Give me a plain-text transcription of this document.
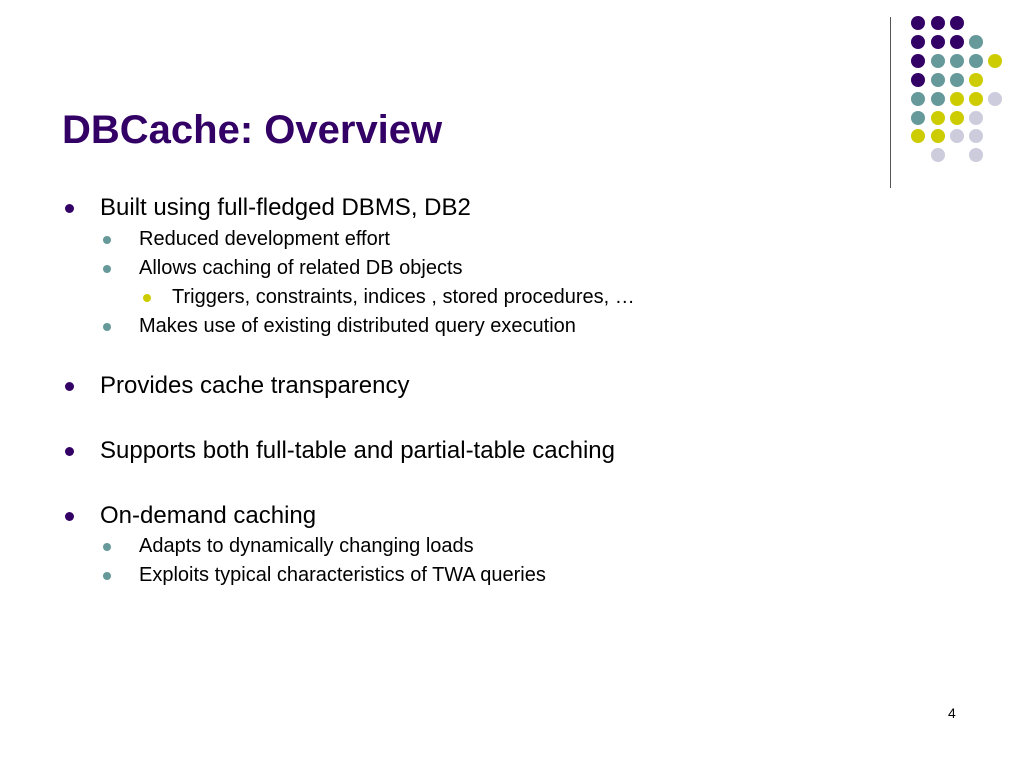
DBCache: Overview
Built using full-fledged DBMS, DB2
Reduced development effort
Allows caching of related DB objects
Triggers, constraints, indices , stored procedures, …
Makes use of existing distributed query execution
Provides cache transparency
Supports both full-table and partial-table caching
On-demand caching
Adapts to dynamically changing loads
Exploits typical characteristics of TWA queries
4
